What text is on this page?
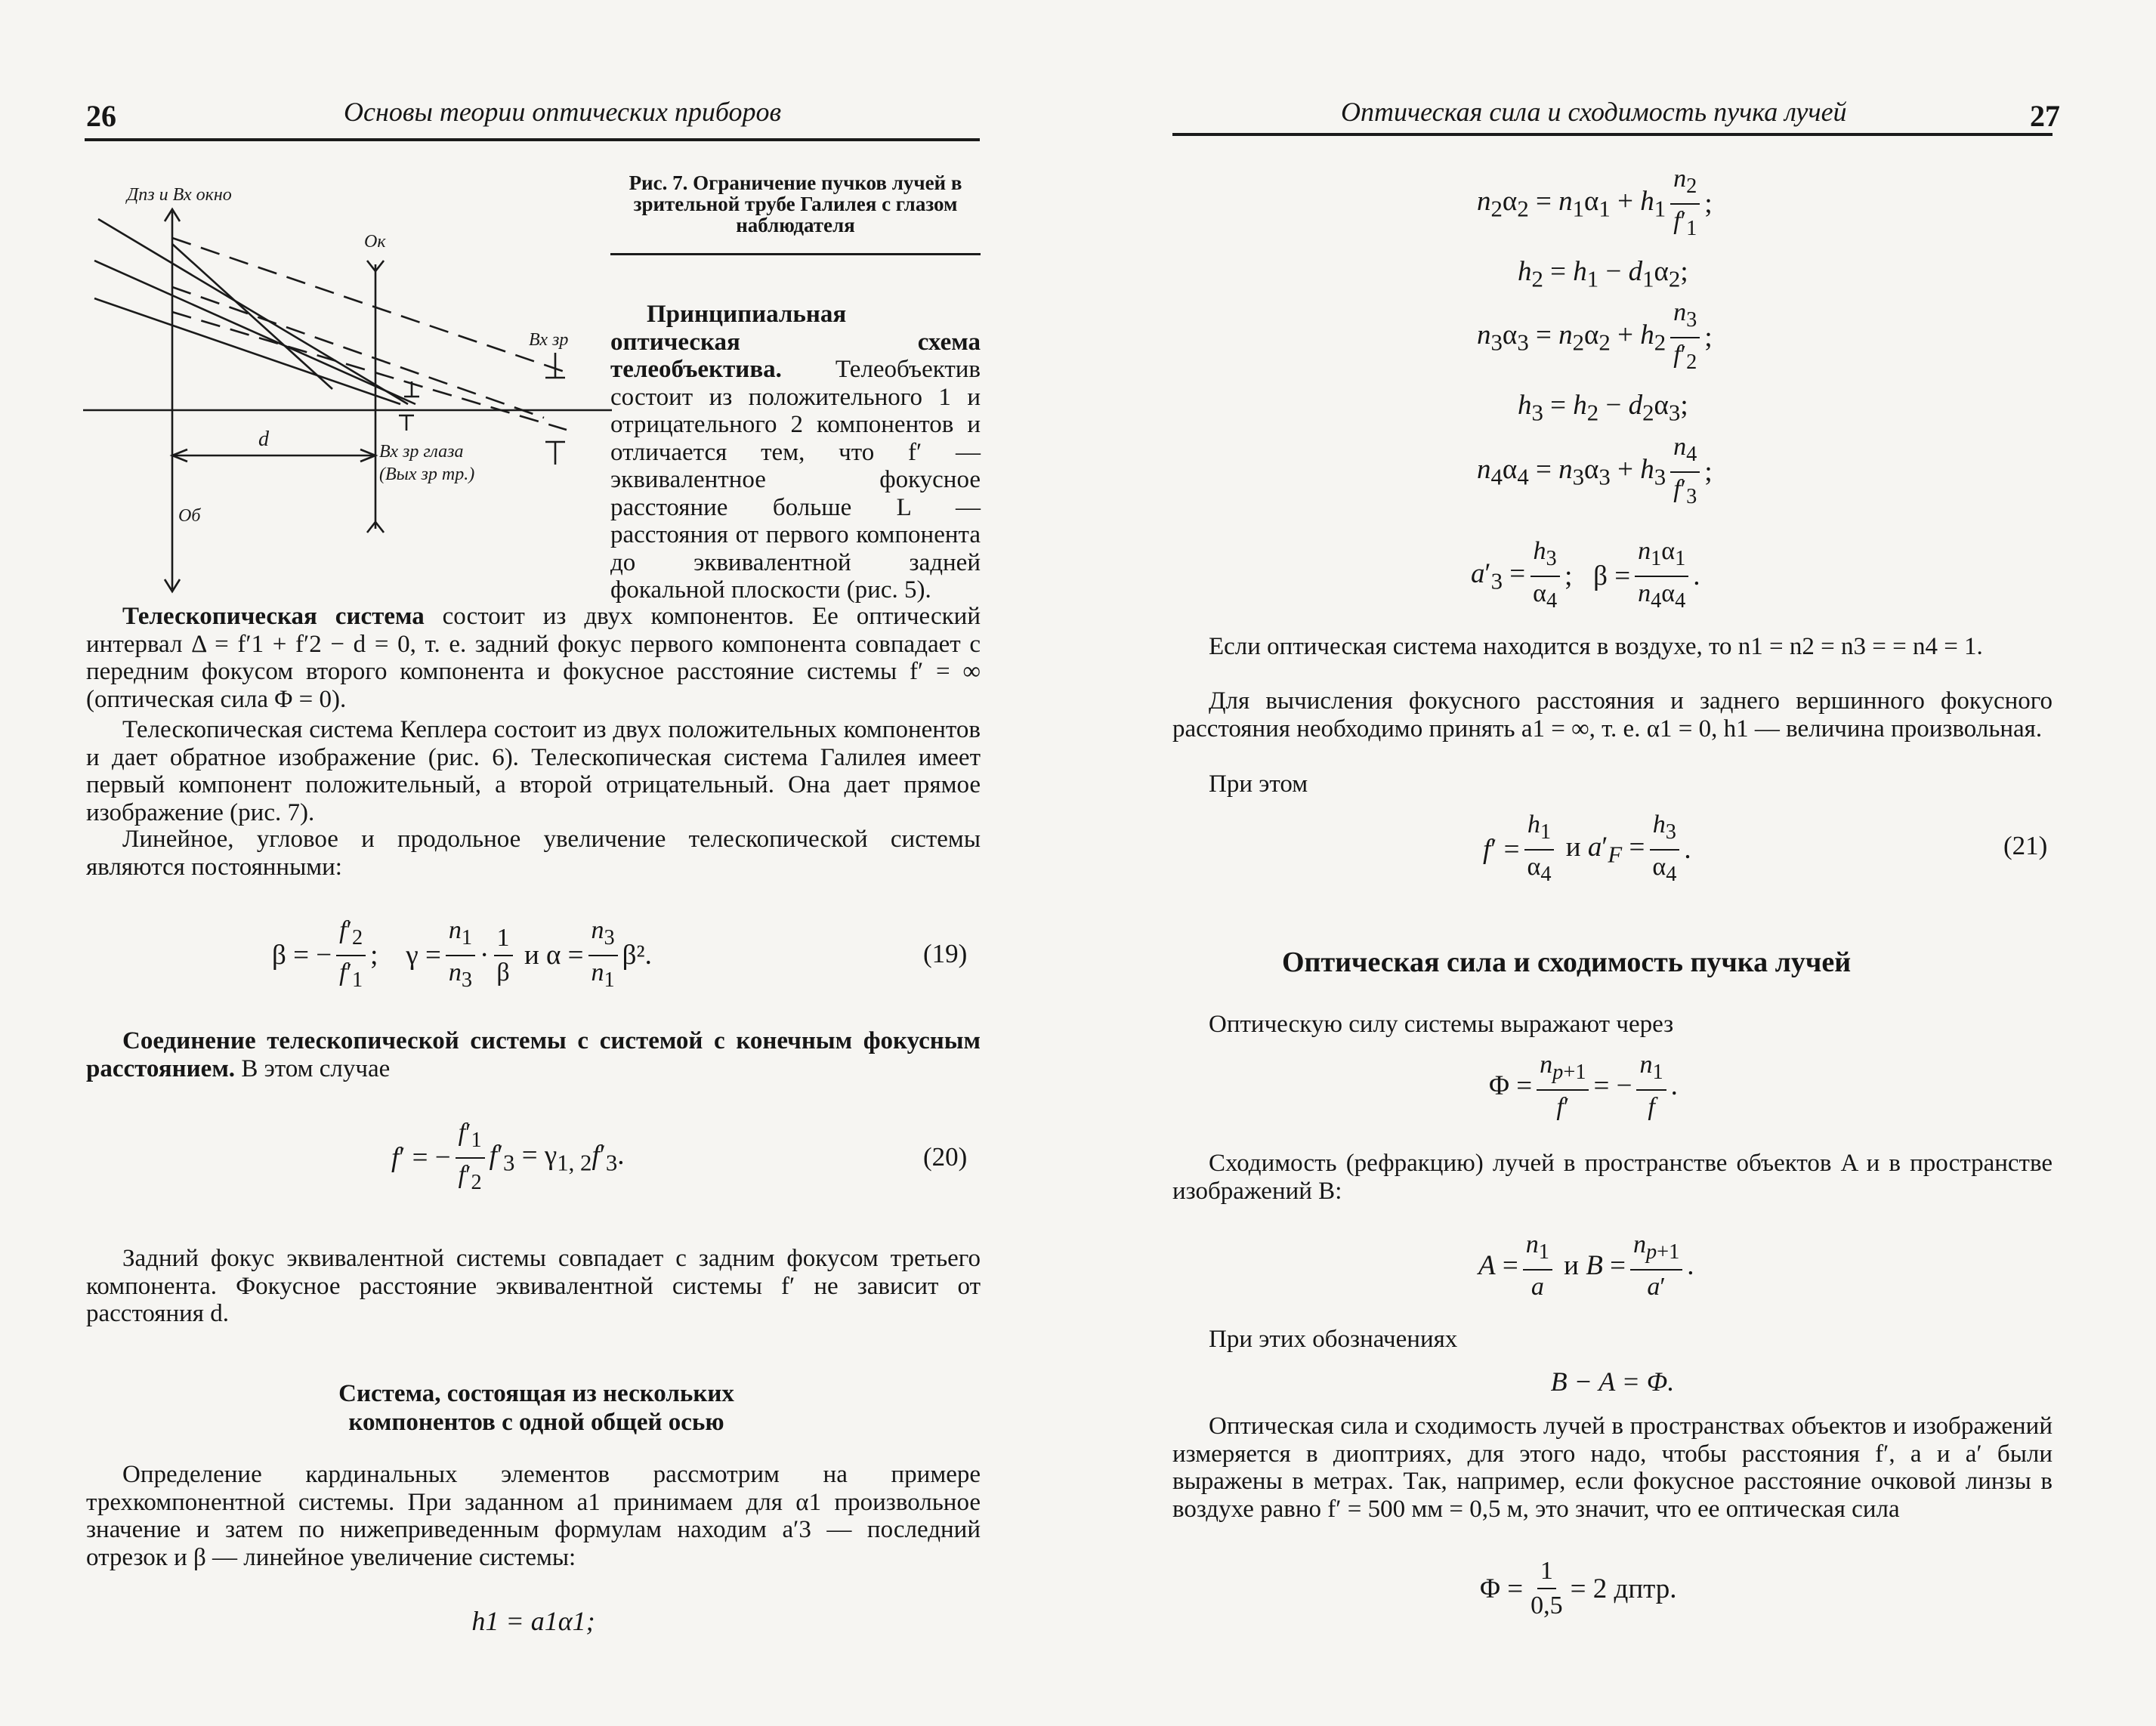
26	Основы теории оптических приборов
Дпз и Вх окно
Ок
Вх зр
d
Вх зр глаза
(Вых зр тр.)
Об
Рис. 7. Ограничение пучков лучей в зрительной трубе Галилея с глазом наблюдателя
Принципиальная оптическая схема телеобъектива. Телеобъектив состоит из положительного 1 и отрицательного 2 компонентов и отличается тем, что f′ — эквивалентное фокусное расстояние больше L — расстояния от первого компонента до эквивалентной задней фокальной плоскости (рис. 5).
Телескопическая система состоит из двух компонентов. Ее оптический интервал Δ = f′1 + f′2 − d = 0, т. е. задний фокус первого компонента совпадает с передним фокусом второго компонента и фокусное расстояние системы f′ = ∞ (оптическая сила Φ = 0).
Телескопическая система Кеплера состоит из двух положительных компонентов и дает обратное изображение (рис. 6). Телескопическая система Галилея имеет первый компонент положительный, а второй отрицательный. Она дает прямое изображение (рис. 7).
Линейное, угловое и продольное увеличение телескопической системы являются постоянными:
β = − $\frac{f'_2}{f'_1}$ ;    $\gamma = \frac{n_1}{n_3}$ ·
1
β
и $\alpha = \frac{n_3}{n_1} \beta^2$.	(19)
Соединение телескопической системы с системой с конечным фокусным расстоянием. В этом случае
f′ = − $\frac{f'_1}{f'_2} f'_3 = \gamma_{1, 2}f'_3$.	(20)
Задний фокус эквивалентной системы совпадает с задним фокусом третьего компонента. Фокусное расстояние эквивалентной системы f′ не зависит от расстояния d.
Система, состоящая из нескольких компонентов с одной общей осью
Определение кардинальных элементов рассмотрим на примере трехкомпонентной системы. При заданном a1 принимаем для α1 произвольное значение и затем по нижеприведенным формулам находим a′3 — последний отрезок и β — линейное увеличение системы:
h1 = a1α1;
Оптическая сила и сходимость пучка лучей	27
$n_2\alpha_2 = n_1\alpha_1 + h_1$
$n_2$
$f'_1$
;
$h_2 = h_1 - d_1\alpha_2$;
$n_3\alpha_3 = n_2\alpha_2 + h_2$
$n_3$
$f'_2$
;
$h_3 = h_2 - d_2\alpha_3$;
$n_4\alpha_4 = n_3\alpha_3 + h_3$
$n_4$
$f'_3$
;
$a'_3 = \frac{h_3}{\alpha_4}$ ;   $\beta = \frac{n_1\alpha_1}{n_4\alpha_4}$ .
Если оптическая система находится в воздухе, то n1 = n2 = n3 = = n4 = 1.
Для вычисления фокусного расстояния и заднего вершинного фокусного расстояния необходимо принять a1 = ∞, т. е. α1 = 0, h1 — величина произвольная.
При этом
$f' = \frac{h_1}{\alpha_4}$ и $a'_F = \frac{h_3}{\alpha_4}$ .	(21)
Оптическая сила и сходимость пучка лучей
Оптическую силу системы выражают через
$\Phi = \frac{n_{p+1}}{f'}$ = − $\frac{n_1}{f}$ .
Сходимость (рефракцию) лучей в пространстве объектов A и в пространстве изображений B:
$A = \frac{n_1}{a}$ и $B = \frac{n_{p+1}}{a'}$ .
При этих обозначениях
B − A = Φ.
Оптическая сила и сходимость лучей в пространствах объектов и изображений измеряется в диоптриях, для этого надо, чтобы расстояния f′, a и a′ были выражены в метрах. Так, например, если фокусное расстояние очковой линзы в воздухе равно f′ = 500 мм = 0,5 м, это значит, что ее оптическая сила
$\Phi = \frac{1}{0,5} = 2$ дптр.
